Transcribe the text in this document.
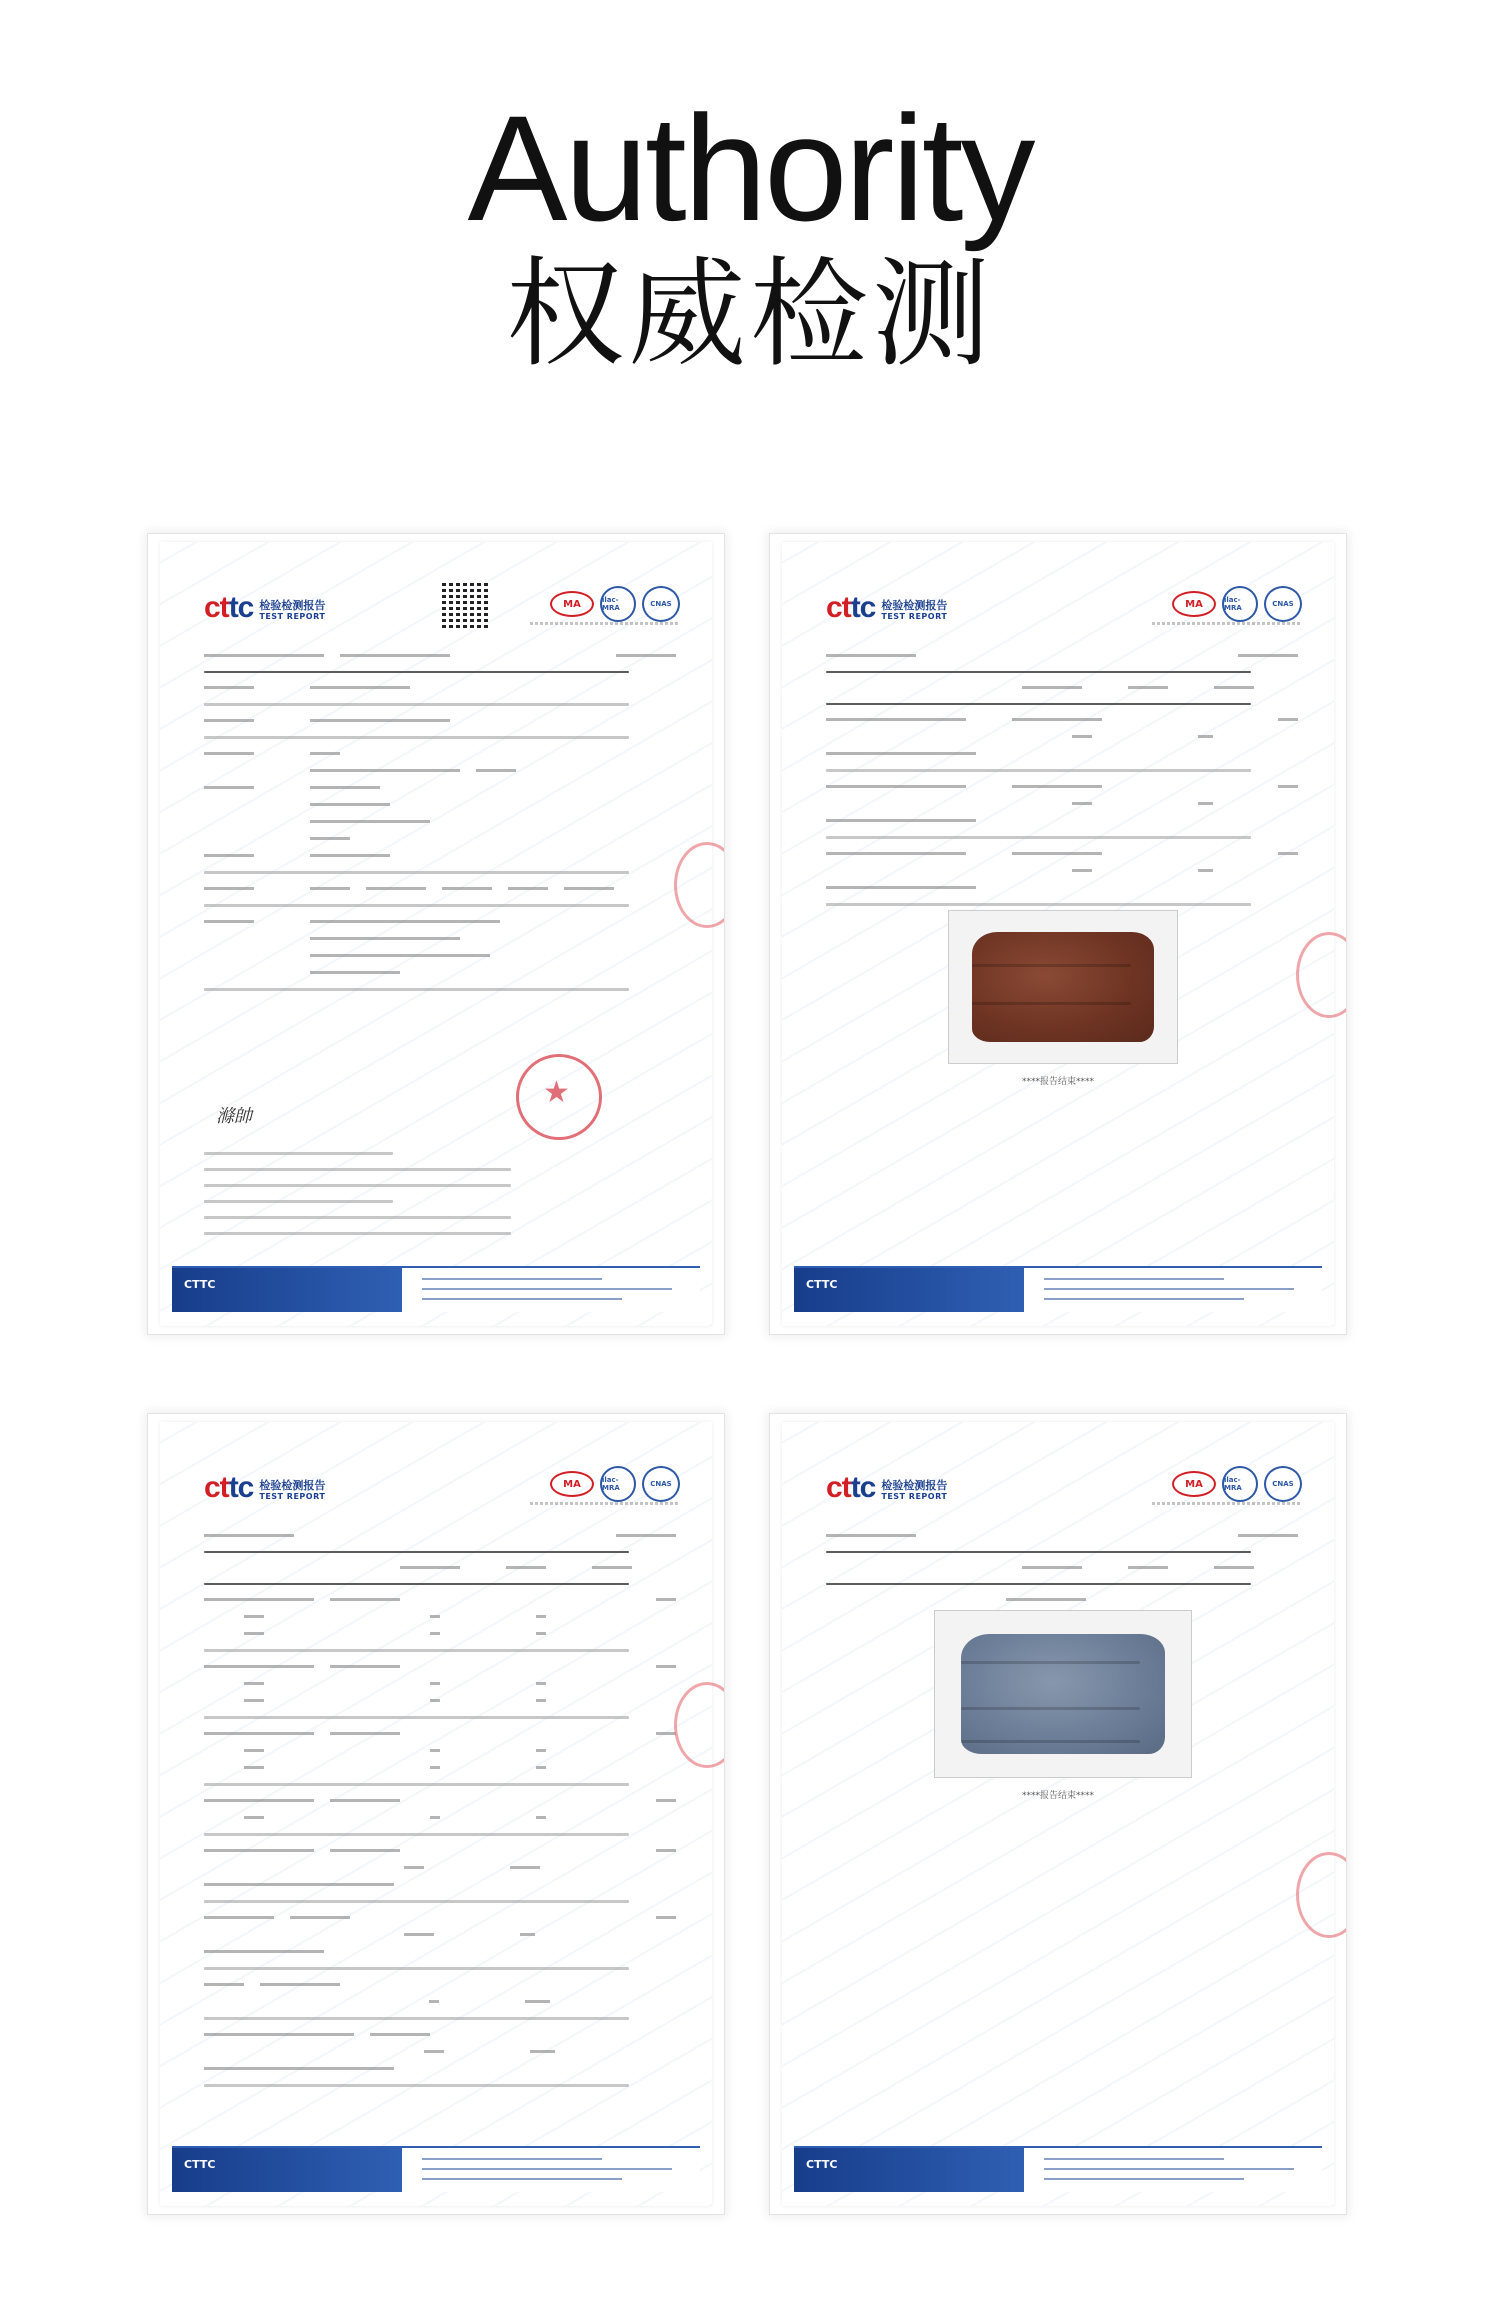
Authority
权威检测
cttc 检验检测报告
TEST REPORT
MA	ilac-MRA	CNAS
★
滌帥
CTTC
cttc 检验检测报告
TEST REPORT
MA	ilac-MRA	CNAS
****报告结束****
CTTC
cttc 检验检测报告
TEST REPORT
MA	ilac-MRA	CNAS
CTTC
cttc 检验检测报告
TEST REPORT
MA	ilac-MRA	CNAS
****报告结束****
CTTC
